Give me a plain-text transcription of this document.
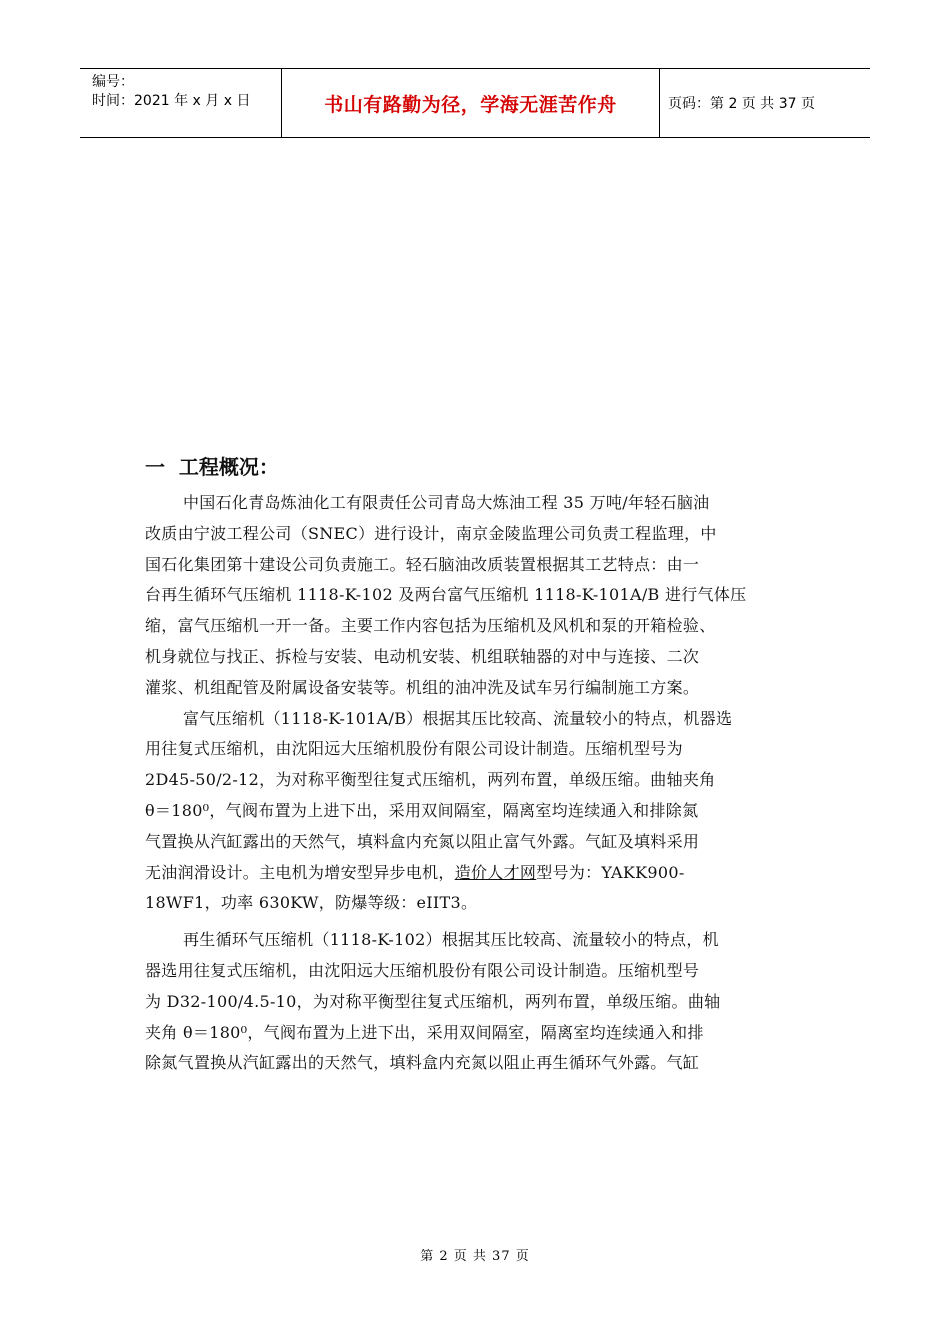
编号：
时间：2021 年 x 月 x 日	书山有路勤为径，学海无涯苦作舟	页码：第 2 页 共 37 页
一  工程概况：

中国石化青岛炼油化工有限责任公司青岛大炼油工程 35 万吨/年轻石脑油
改质由宁波工程公司（SNEC）进行设计，南京金陵监理公司负责工程监理，中
国石化集团第十建设公司负责施工。轻石脑油改质装置根据其工艺特点：由一
台再生循环气压缩机 1118-K-102 及两台富气压缩机 1118-K-101A/B 进行气体压
缩，富气压缩机一开一备。主要工作内容包括为压缩机及风机和泵的开箱检验、
机身就位与找正、拆检与安装、电动机安装、机组联轴器的对中与连接、二次
灌浆、机组配管及附属设备安装等。机组的油冲洗及试车另行编制施工方案。

富气压缩机（1118-K-101A/B）根据其压比较高、流量较小的特点，机器选
用往复式压缩机，由沈阳远大压缩机股份有限公司设计制造。压缩机型号为
2D45-50/2-12，为对称平衡型往复式压缩机，两列布置，单级压缩。曲轴夹角
θ＝180⁰，气阀布置为上进下出，采用双间隔室，隔离室均连续通入和排除氮
气置换从汽缸露出的天然气，填料盒内充氮以阻止富气外露。气缸及填料采用
无油润滑设计。主电机为增安型异步电机，造价人才网型号为：YAKK900-
18WF1，功率 630KW，防爆等级：eIIT3。

再生循环气压缩机（1118-K-102）根据其压比较高、流量较小的特点，机
器选用往复式压缩机，由沈阳远大压缩机股份有限公司设计制造。压缩机型号
为 D32-100/4.5-10，为对称平衡型往复式压缩机，两列布置，单级压缩。曲轴
夹角 θ＝180⁰，气阀布置为上进下出，采用双间隔室，隔离室均连续通入和排
除氮气置换从汽缸露出的天然气，填料盒内充氮以阻止再生循环气外露。气缸

第 2 页 共 37 页
